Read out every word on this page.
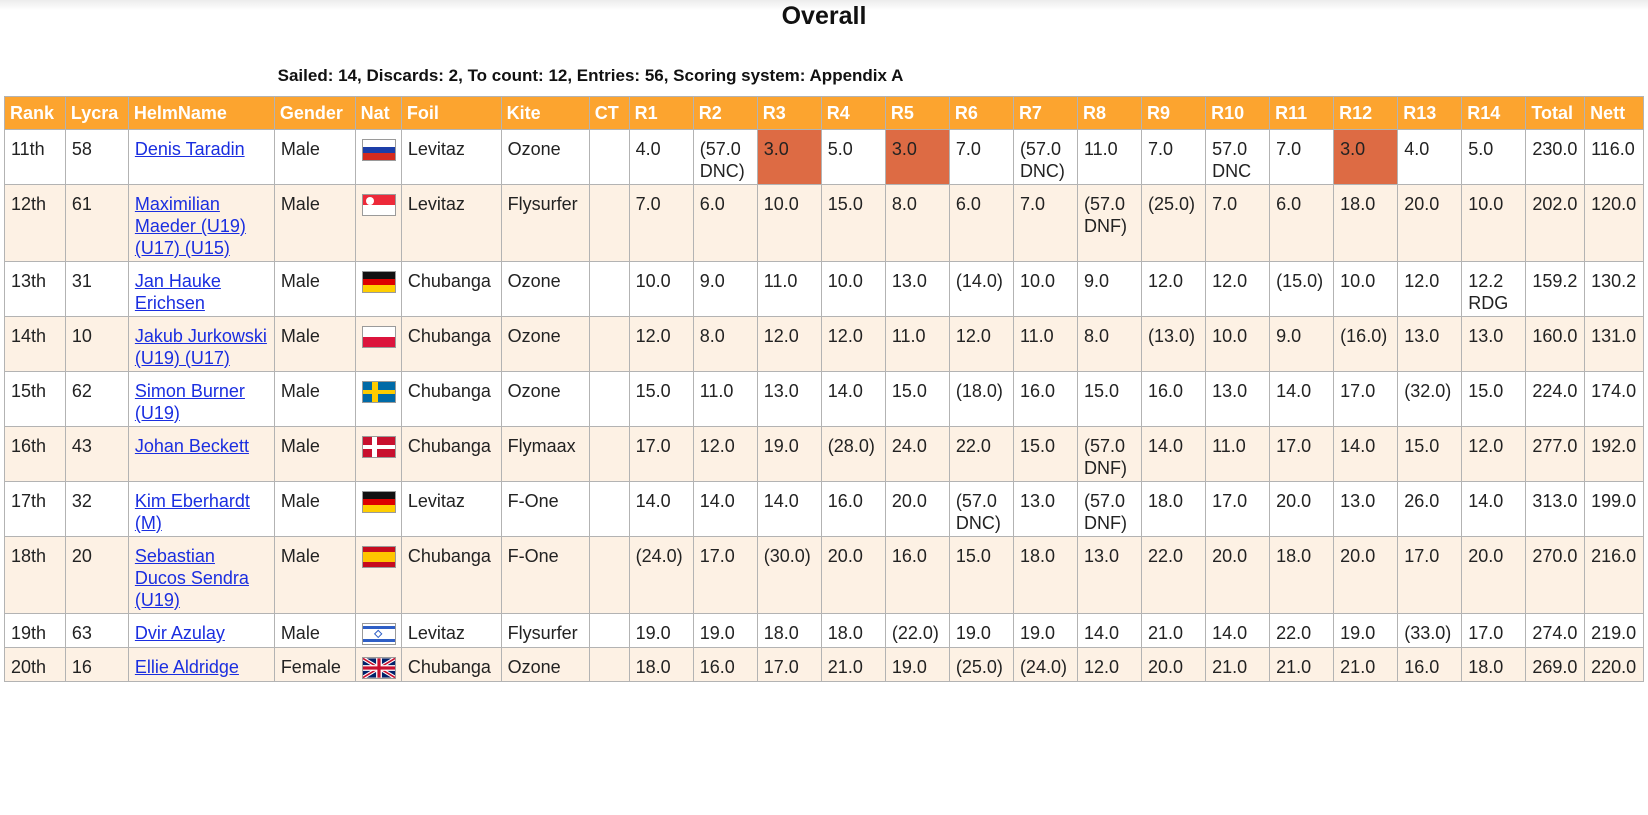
Overall

Sailed: 14, Discards: 2, To count: 12, Entries: 56, Scoring system: Appendix A

Rank	Lycra	HelmName	Gender	Nat	Foil	Kite	CT	R1	R2	R3	R4	R5	R6	R7	R8	R9	R10	R11	R12	R13	R14	Total	Nett
11th	58	Denis Taradin	Male		Levitaz	Ozone		4.0	(57.0 DNC)	3.0	5.0	3.0	7.0	(57.0 DNC)	11.0	7.0	57.0 DNC	7.0	3.0	4.0	5.0	230.0	116.0
12th	61	Maximilian Maeder (U19) (U17) (U15)	Male		Levitaz	Flysurfer		7.0	6.0	10.0	15.0	8.0	6.0	7.0	(57.0 DNF)	(25.0)	7.0	6.0	18.0	20.0	10.0	202.0	120.0
13th	31	Jan Hauke Erichsen	Male		Chubanga	Ozone		10.0	9.0	11.0	10.0	13.0	(14.0)	10.0	9.0	12.0	12.0	(15.0)	10.0	12.0	12.2 RDG	159.2	130.2
14th	10	Jakub Jurkowski (U19) (U17)	Male		Chubanga	Ozone		12.0	8.0	12.0	12.0	11.0	12.0	11.0	8.0	(13.0)	10.0	9.0	(16.0)	13.0	13.0	160.0	131.0
15th	62	Simon Burner (U19)	Male		Chubanga	Ozone		15.0	11.0	13.0	14.0	15.0	(18.0)	16.0	15.0	16.0	13.0	14.0	17.0	(32.0)	15.0	224.0	174.0
16th	43	Johan Beckett	Male		Chubanga	Flymaax		17.0	12.0	19.0	(28.0)	24.0	22.0	15.0	(57.0 DNF)	14.0	11.0	17.0	14.0	15.0	12.0	277.0	192.0
17th	32	Kim Eberhardt (M)	Male		Levitaz	F-One		14.0	14.0	14.0	16.0	20.0	(57.0 DNC)	13.0	(57.0 DNF)	18.0	17.0	20.0	13.0	26.0	14.0	313.0	199.0
18th	20	Sebastian Ducos Sendra (U19)	Male		Chubanga	F-One		(24.0)	17.0	(30.0)	20.0	16.0	15.0	18.0	13.0	22.0	20.0	18.0	20.0	17.0	20.0	270.0	216.0
19th	63	Dvir Azulay	Male		Levitaz	Flysurfer		19.0	19.0	18.0	18.0	(22.0)	19.0	19.0	14.0	21.0	14.0	22.0	19.0	(33.0)	17.0	274.0	219.0
20th	16	Ellie Aldridge	Female		Chubanga	Ozone		18.0	16.0	17.0	21.0	19.0	(25.0)	(24.0)	12.0	20.0	21.0	21.0	21.0	16.0	18.0	269.0	220.0
